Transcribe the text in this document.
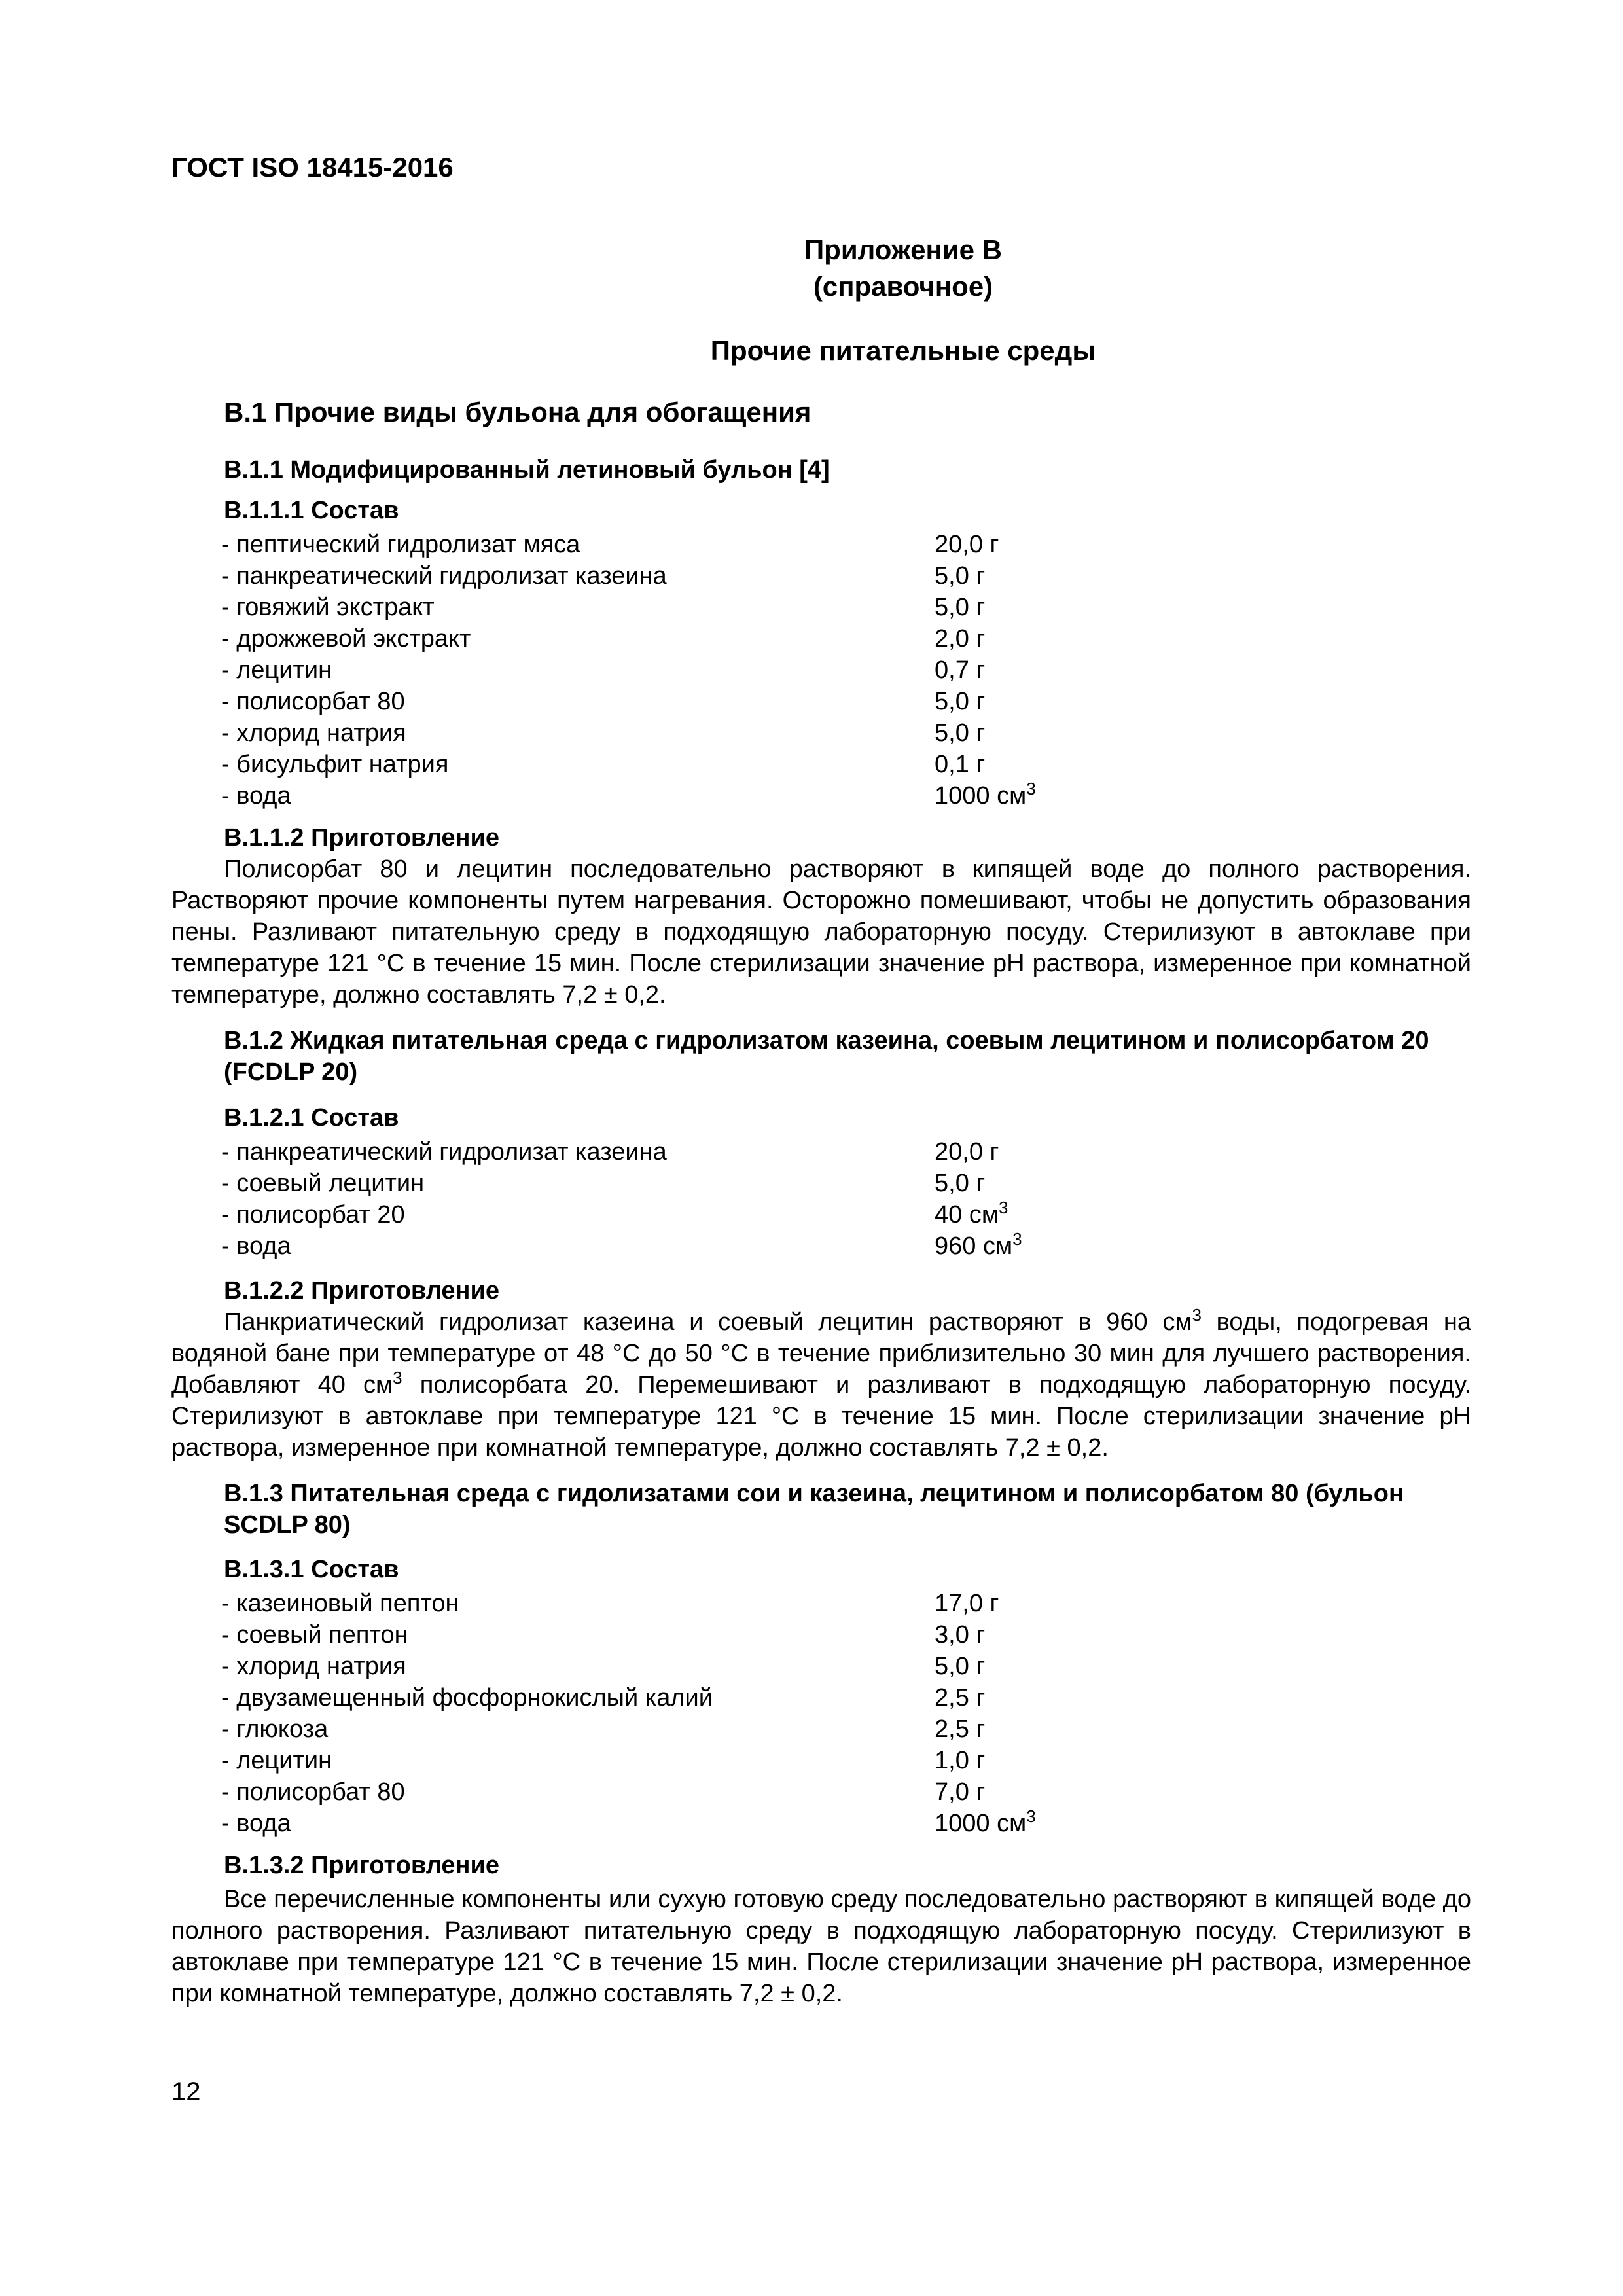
ГОСТ ISO 18415-2016
Приложение В
(справочное)
Прочие питательные среды
В.1 Прочие виды бульона для обогащения
В.1.1 Модифицированный летиновый бульон [4]
В.1.1.1 Состав
- пептический гидролизат мяса	20,0 г
- панкреатический гидролизат казеина	5,0 г
- говяжий экстракт	5,0 г
- дрожжевой экстракт	2,0 г
- лецитин	0,7 г
- полисорбат 80	5,0 г
- хлорид натрия	5,0 г
- бисульфит натрия	0,1 г
- вода	1000 $см^3$
В.1.1.2 Приготовление

Полисорбат 80 и лецитин последовательно растворяют в кипящей воде до полного растворения. Растворяют прочие компоненты путем нагревания. Осторожно помешивают, чтобы не допустить образования пены. Разливают питательную среду в подходящую лабораторную посуду. Стерилизуют в автоклаве при температуре 121 °С в течение 15 мин. После стерилизации значение pH раствора, измеренное при комнатной температуре, должно составлять 7,2 ± 0,2.

В.1.2 Жидкая питательная среда с гидролизатом казеина, соевым лецитином и полисорбатом 20 (FCDLP 20)
В.1.2.1 Состав
- панкреатический гидролизат казеина	20,0 г
- соевый лецитин	5,0 г
- полисорбат 20	40 $см^3$
- вода	960 $см^3$
В.1.2.2 Приготовление

Панкриатический гидролизат казеина и соевый лецитин растворяют в 960 $см^3$ воды, подогревая на водяной бане при температуре от 48 °С до 50 °С в течение приблизительно 30 мин для лучшего растворения. Добавляют 40 $см^3$ полисорбата 20. Перемешивают и разливают в подходящую лабораторную посуду. Стерилизуют в автоклаве при температуре 121 °С в течение 15 мин. После стерилизации значение pH раствора, измеренное при комнатной температуре, должно составлять 7,2 ± 0,2.

В.1.3 Питательная среда с гидолизатами сои и казеина, лецитином и полисорбатом 80 (бульон SCDLP 80)
В.1.3.1 Состав
- казеиновый пептон	17,0 г
- соевый пептон	3,0 г
- хлорид натрия	5,0 г
- двузамещенный фосфорнокислый калий	2,5 г
- глюкоза	2,5 г
- лецитин	1,0 г
- полисорбат 80	7,0 г
- вода	1000 $см^3$
В.1.3.2 Приготовление

Все перечисленные компоненты или сухую готовую среду последовательно растворяют в кипящей воде до полного растворения. Разливают питательную среду в подходящую лабораторную посуду. Стерилизуют в автоклаве при температуре 121 °С в течение 15 мин. После стерилизации значение pH раствора, измеренное при комнатной температуре, должно составлять 7,2 ± 0,2.

12
